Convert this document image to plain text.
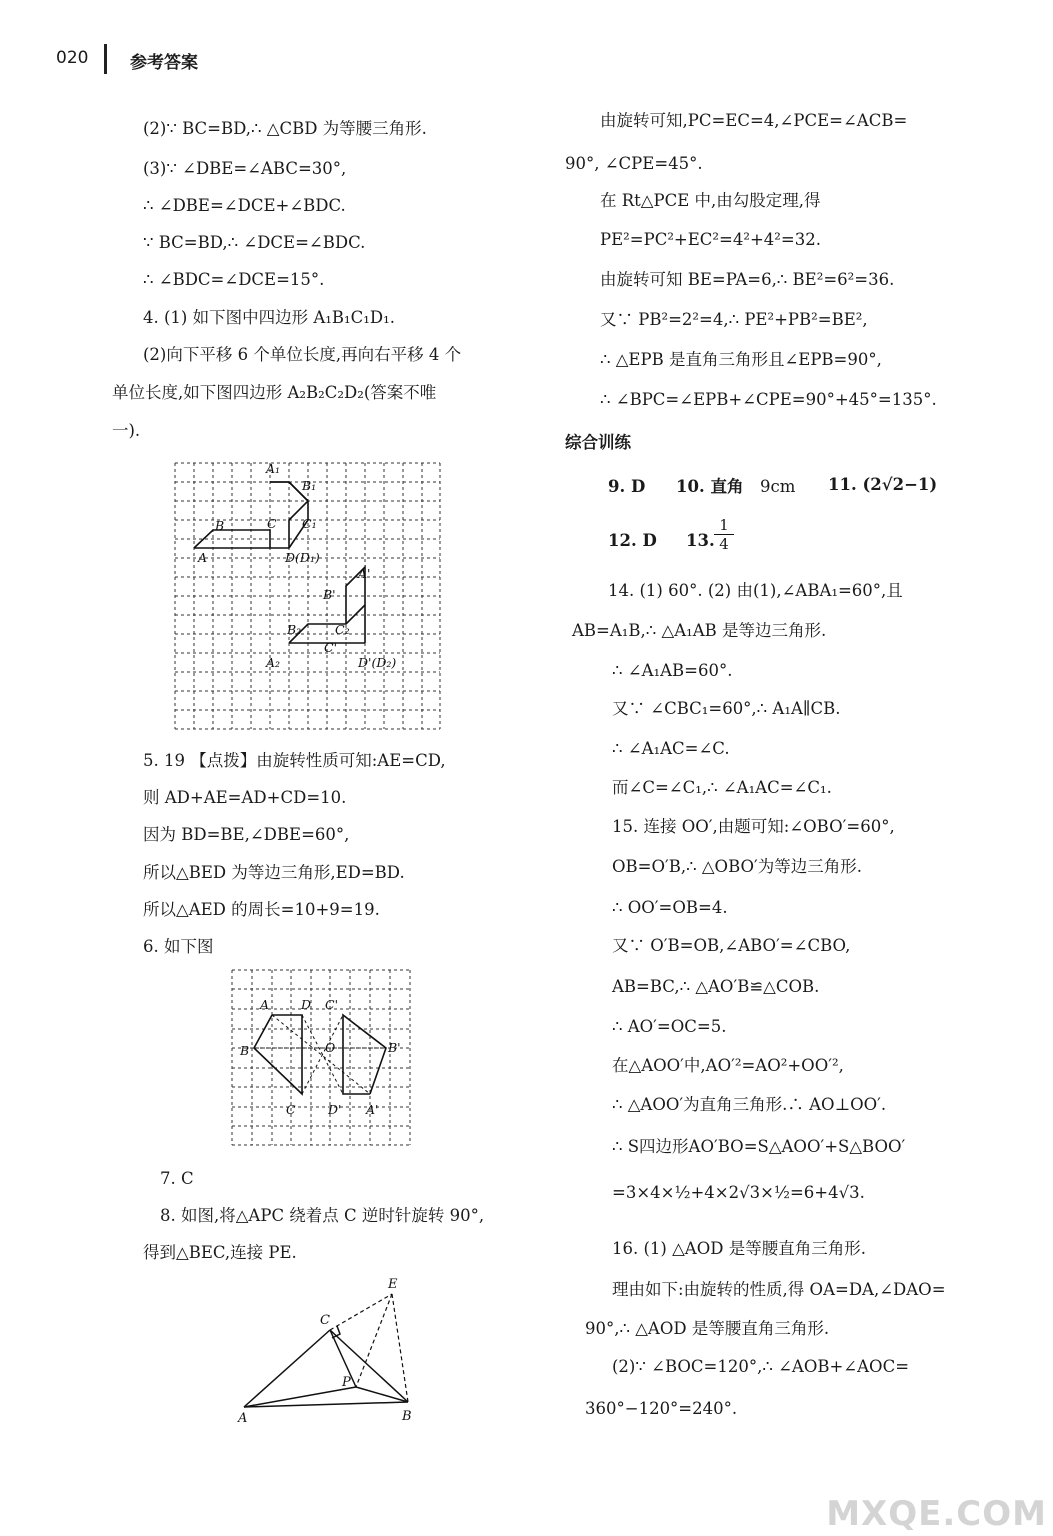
020 参考答案
(2)∵ BC=BD,∴ △CBD 为等腰三角形.
(3)∵ ∠DBE=∠ABC=30°,
∴ ∠DBE=∠DCE+∠BDC.
∵ BC=BD,∴ ∠DCE=∠BDC.
∴ ∠BDC=∠DCE=15°.
4. (1) 如下图中四边形 A₁B₁C₁D₁.
(2)向下平移 6 个单位长度,再向右平移 4 个
单位长度,如下图四边形 A₂B₂C₂D₂(答案不唯
一).
A₁
B₁
B	C C₁
A	D(D₁)
A'
B'
B₂	C₂
C'
A₂	D'(D₂)
5. 19 【点拨】由旋转性质可知:AE=CD,
则 AD+AE=AD+CD=10.
因为 BD=BE,∠DBE=60°,
所以△BED 为等边三角形,ED=BD.
所以△AED 的周长=10+9=19.
6. 如下图
A	D C'
B	O	B'
C	D' A'
7. C
8. 如图,将△APC 绕着点 C 逆时针旋转 90°,
得到△BEC,连接 PE.
E
C
P
A	B
由旋转可知,PC=EC=4,∠PCE=∠ACB=
90°, ∠CPE=45°.
在 Rt△PCE 中,由勾股定理,得
PE²=PC²+EC²=4²+4²=32.
由旋转可知 BE=PA=6,∴ BE²=6²=36.
又∵ PB²=2²=4,∴ PE²+PB²=BE²,
∴ △EPB 是直角三角形且∠EPB=90°,
∴ ∠BPC=∠EPB+∠CPE=90°+45°=135°.
综合训练
9. D 10. 直角 9cm 11. (2√2−1)
12. D 13.
1
4
14. (1) 60°. (2) 由(1),∠ABA₁=60°,且
AB=A₁B,∴ △A₁AB 是等边三角形.
∴ ∠A₁AB=60°.
又∵ ∠CBC₁=60°,∴ A₁A∥CB.
∴ ∠A₁AC=∠C.
而∠C=∠C₁,∴ ∠A₁AC=∠C₁.
15. 连接 OO′,由题可知:∠OBO′=60°,
OB=O′B,∴ △OBO′为等边三角形.
∴ OO′=OB=4.
又∵ O′B=OB,∠ABO′=∠CBO,
AB=BC,∴ △AO′B≌△COB.
∴ AO′=OC=5.
在△AOO′中,AO′²=AO²+OO′²,
∴ △AOO′为直角三角形.∴ AO⊥OO′.
∴ S四边形AO′BO=S△AOO′+S△BOO′
=3×4×½+4×2√3×½=6+4√3.
16. (1) △AOD 是等腰直角三角形.
理由如下:由旋转的性质,得 OA=DA,∠DAO=
90°,∴ △AOD 是等腰直角三角形.
(2)∵ ∠BOC=120°,∴ ∠AOB+∠AOC=
360°−120°=240°.
MXQE.COM
